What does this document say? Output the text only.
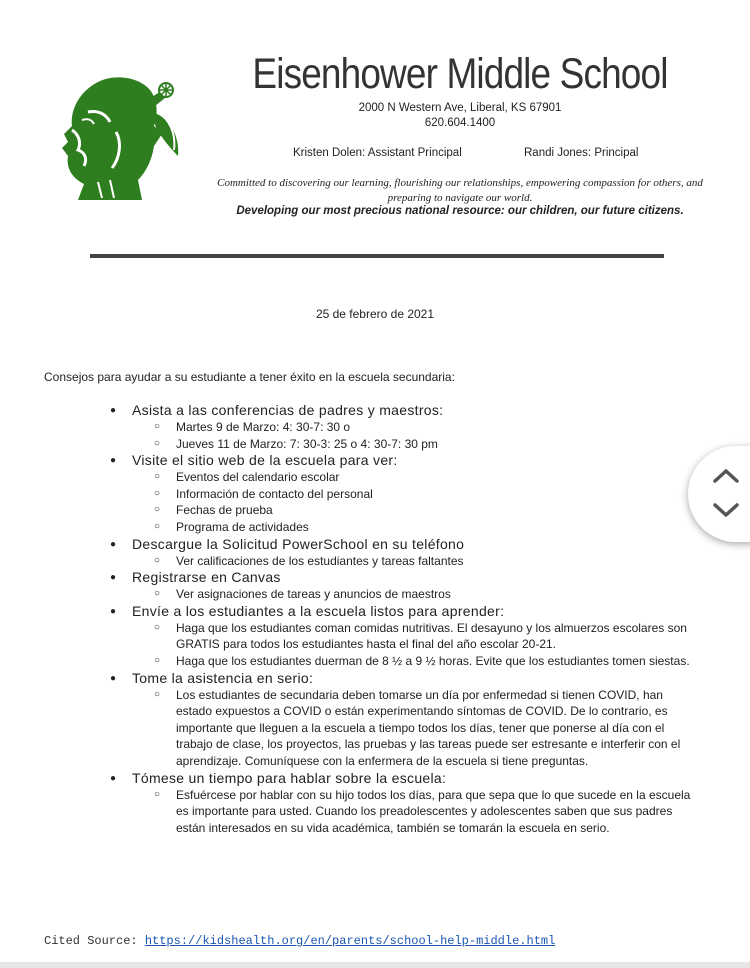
Eisenhower Middle School
2000 N Western Ave, Liberal, KS 67901
620.604.1400
Kristen Dolen: Assistant Principal	Randi Jones: Principal
Committed to discovering our learning, flourishing our relationships, empowering compassion for others, and
preparing to navigate our world.
Developing our most precious national resource: our children, our future citizens.
25 de febrero de 2021
Consejos para ayudar a su estudiante a tener éxito en la escuela secundaria:
● Asista a las conferencias de padres y maestros:
○ Martes 9 de Marzo: 4: 30-7: 30 o
○ Jueves 11 de Marzo: 7: 30-3: 25 o 4: 30-7: 30 pm
● Visite el sitio web de la escuela para ver:
○ Eventos del calendario escolar
○ Información de contacto del personal
○ Fechas de prueba
○ Programa de actividades
● Descargue la Solicitud PowerSchool en su teléfono
○ Ver calificaciones de los estudiantes y tareas faltantes
● Registrarse en Canvas
○ Ver asignaciones de tareas y anuncios de maestros
● Envíe a los estudiantes a la escuela listos para aprender:
○ Haga que los estudiantes coman comidas nutritivas. El desayuno y los almuerzos escolares son GRATIS para todos los estudiantes hasta el final del año escolar 20-21.
○ Haga que los estudiantes duerman de 8 ½ a 9 ½ horas. Evite que los estudiantes tomen siestas.
● Tome la asistencia en serio:
○ Los estudiantes de secundaria deben tomarse un día por enfermedad si tienen COVID, han estado expuestos a COVID o están experimentando síntomas de COVID. De lo contrario, es importante que lleguen a la escuela a tiempo todos los días, tener que ponerse al día con el trabajo de clase, los proyectos, las pruebas y las tareas puede ser estresante e interferir con el aprendizaje. Comuníquese con la enfermera de la escuela si tiene preguntas.
● Tómese un tiempo para hablar sobre la escuela:
○ Esfuércese por hablar con su hijo todos los días, para que sepa que lo que sucede en la escuela es importante para usted. Cuando los preadolescentes y adolescentes saben que sus padres están interesados en su vida académica, también se tomarán la escuela en serio.
Cited Source: https://kidshealth.org/en/parents/school-help-middle.html
